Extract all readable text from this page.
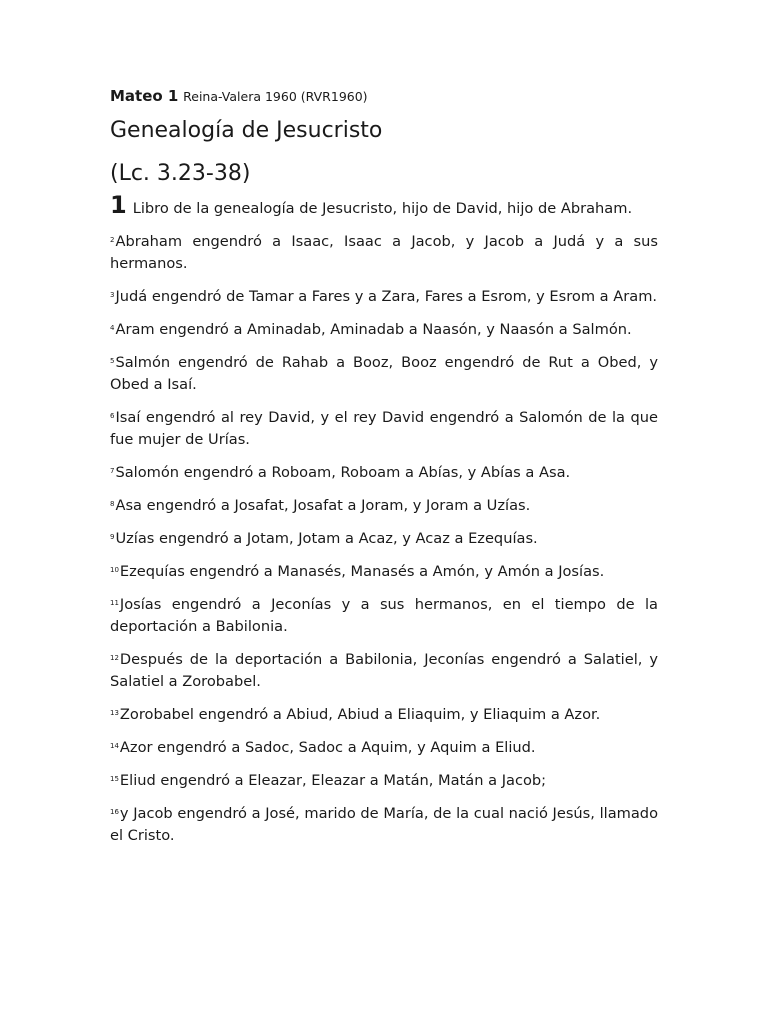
Mateo 1 Reina-Valera 1960 (RVR1960)
Genealogía de Jesucristo
(Lc. 3.23-38)

1 Libro de la genealogía de Jesucristo, hijo de David, hijo de Abraham.

$^2$Abraham engendró a Isaac, Isaac a Jacob, y Jacob a Judá y a sus hermanos.

$^3$Judá engendró de Tamar a Fares y a Zara, Fares a Esrom, y Esrom a Aram.

$^4$Aram engendró a Aminadab, Aminadab a Naasón, y Naasón a Salmón.

$^5$Salmón engendró de Rahab a Booz, Booz engendró de Rut a Obed, y Obed a Isaí.

$^6$Isaí engendró al rey David, y el rey David engendró a Salomón de la que fue mujer de Urías.

$^7$Salomón engendró a Roboam, Roboam a Abías, y Abías a Asa.

$^8$Asa engendró a Josafat, Josafat a Joram, y Joram a Uzías.

$^9$Uzías engendró a Jotam, Jotam a Acaz, y Acaz a Ezequías.

$^{10}$Ezequías engendró a Manasés, Manasés a Amón, y Amón a Josías.

$^{11}$Josías engendró a Jeconías y a sus hermanos, en el tiempo de la deportación a Babilonia.

$^{12}$Después de la deportación a Babilonia, Jeconías engendró a Salatiel, y Salatiel a Zorobabel.

$^{13}$Zorobabel engendró a Abiud, Abiud a Eliaquim, y Eliaquim a Azor.

$^{14}$Azor engendró a Sadoc, Sadoc a Aquim, y Aquim a Eliud.

$^{15}$Eliud engendró a Eleazar, Eleazar a Matán, Matán a Jacob;

$^{16}$y Jacob engendró a José, marido de María, de la cual nació Jesús, llamado el Cristo.
